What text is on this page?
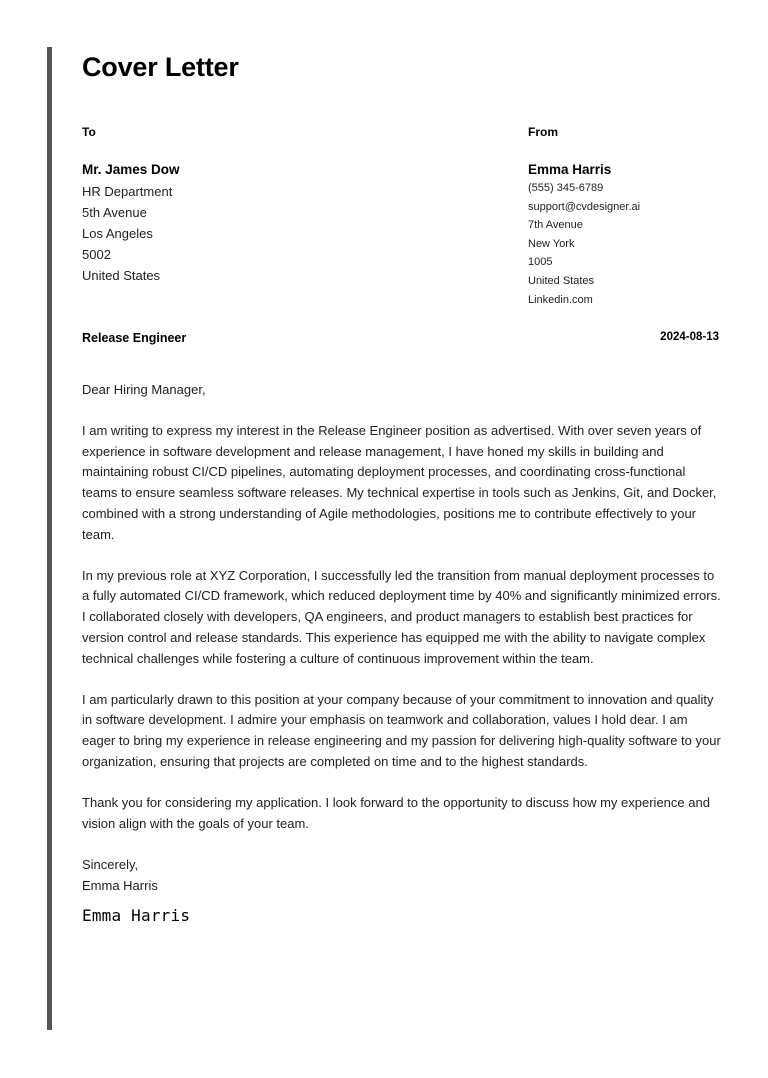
Cover Letter
To
Mr. James Dow
HR Department
5th Avenue
Los Angeles
5002
United States
From
Emma Harris
(555) 345-6789
support@cvdesigner.ai
7th Avenue
New York
1005
United States
Linkedin.com
Release Engineer	2024-08-13

Dear Hiring Manager,

I am writing to express my interest in the Release Engineer position as advertised. With over seven years of experience in software development and release management, I have honed my skills in building and maintaining robust CI/CD pipelines, automating deployment processes, and coordinating cross-functional teams to ensure seamless software releases. My technical expertise in tools such as Jenkins, Git, and Docker, combined with a strong understanding of Agile methodologies, positions me to contribute effectively to your team.

In my previous role at XYZ Corporation, I successfully led the transition from manual deployment processes to a fully automated CI/CD framework, which reduced deployment time by 40% and significantly minimized errors. I collaborated closely with developers, QA engineers, and product managers to establish best practices for version control and release standards. This experience has equipped me with the ability to navigate complex technical challenges while fostering a culture of continuous improvement within the team.

I am particularly drawn to this position at your company because of your commitment to innovation and quality in software development. I admire your emphasis on teamwork and collaboration, values I hold dear. I am eager to bring my experience in release engineering and my passion for delivering high-quality software to your organization, ensuring that projects are completed on time and to the highest standards.

Thank you for considering my application. I look forward to the opportunity to discuss how my experience and vision align with the goals of your team.

Sincerely,

Emma Harris

Emma Harris
